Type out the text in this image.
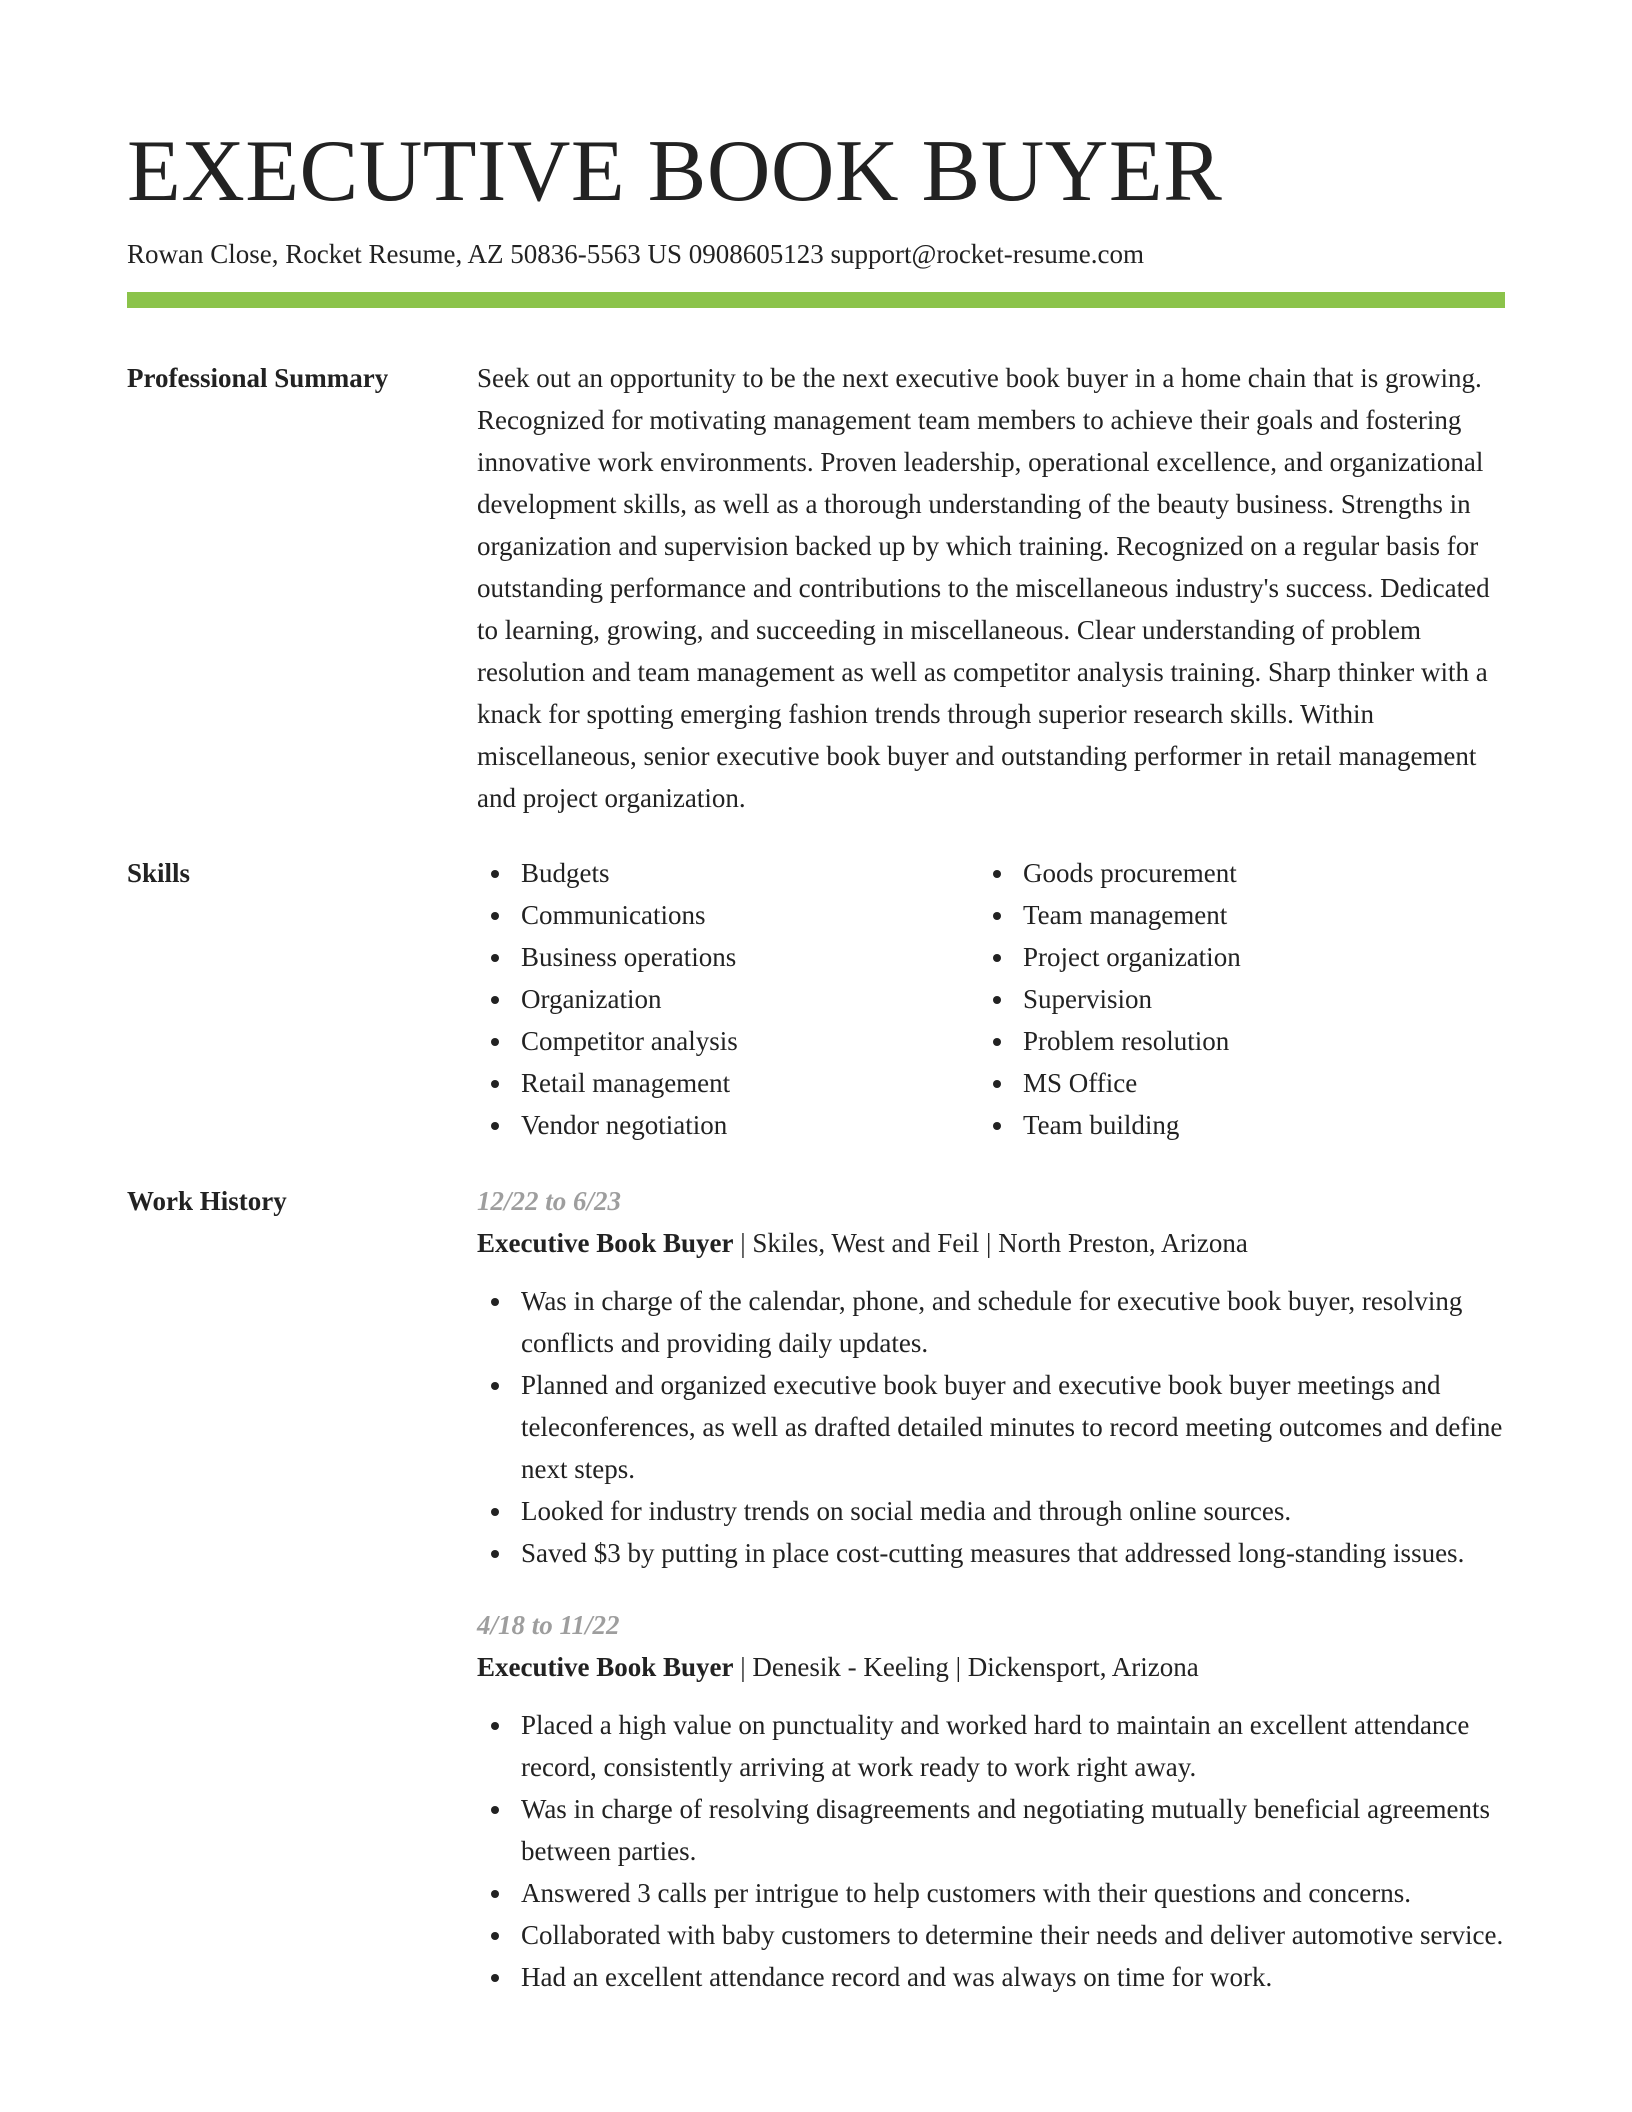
EXECUTIVE BOOK BUYER
Rowan Close, Rocket Resume, AZ 50836-5563 US 0908605123 support@rocket-resume.com
Professional Summary	Seek out an opportunity to be the next executive book buyer in a home chain that is growing. Recognized for motivating management team members to achieve their goals and fostering innovative work environments. Proven leadership, operational excellence, and organizational development skills, as well as a thorough understanding of the beauty business. Strengths in organization and supervision backed up by which training. Recognized on a regular basis for outstanding performance and contributions to the miscellaneous industry's success. Dedicated to learning, growing, and succeeding in miscellaneous. Clear understanding of problem resolution and team management as well as competitor analysis training. Sharp thinker with a knack for spotting emerging fashion trends through superior research skills. Within miscellaneous, senior executive book buyer and outstanding performer in retail management and project organization.

Skills	Budgets
Communications
Business operations
Organization
Competitor analysis
Retail management
Vendor negotiation
Goods procurement
Team management
Project organization
Supervision
Problem resolution
MS Office
Team building
Work History	12/22 to 6/23
Executive Book Buyer | Skiles, West and Feil | North Preston, Arizona
Was in charge of the calendar, phone, and schedule for executive book buyer, resolving conflicts and providing daily updates.
Planned and organized executive book buyer and executive book buyer meetings and teleconferences, as well as drafted detailed minutes to record meeting outcomes and define next steps.
Looked for industry trends on social media and through online sources.
Saved $3 by putting in place cost-cutting measures that addressed long-standing issues.
4/18 to 11/22
Executive Book Buyer | Denesik - Keeling | Dickensport, Arizona
Placed a high value on punctuality and worked hard to maintain an excellent attendance record, consistently arriving at work ready to work right away.
Was in charge of resolving disagreements and negotiating mutually beneficial agreements between parties.
Answered 3 calls per intrigue to help customers with their questions and concerns.
Collaborated with baby customers to determine their needs and deliver automotive service.
Had an excellent attendance record and was always on time for work.
